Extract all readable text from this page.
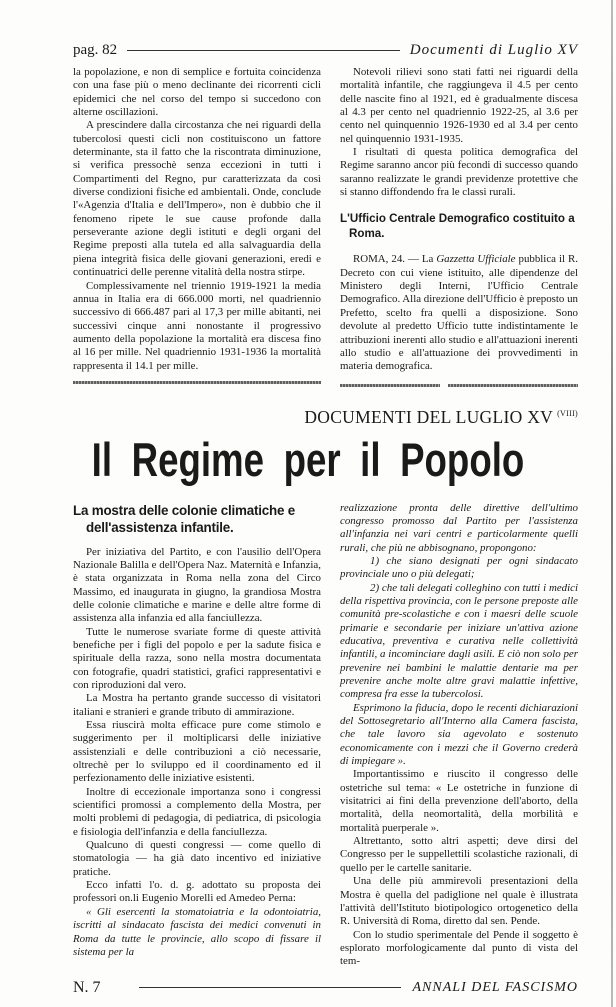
pag. 82	Documenti di Luglio XV

la popolazione, e non di semplice e fortuita coincidenza con una fase più o meno declinante dei ricorrenti cicli epidemici che nel corso del tempo si succedono con alterne oscillazioni.

A prescindere dalla circostanza che nei riguardi della tubercolosi questi cicli non costituiscono un fattore determinante, sta il fatto che la riscontrata diminuzione, si verifica pressochè senza eccezioni in tutti i Compartimenti del Regno, pur caratterizzata da così diverse condizioni fisiche ed ambientali. Onde, conclude l'«Agenzia d'Italia e dell'Impero», non è dubbio che il fenomeno ripete le sue cause profonde dalla perseverante azione degli istituti e degli organi del Regime preposti alla tutela ed alla salvaguardia della piena integrità fisica delle giovani generazioni, eredi e continuatrici delle perenne vitalità della nostra stirpe.

Complessivamente nel triennio 1919-1921 la media annua in Italia era di 666.000 morti, nel quadriennio successivo di 666.487 pari al 17,3 per mille abitanti, nei successivi cinque anni nonostante il progressivo aumento della popolazione la mortalità era discesa fino al 16 per mille. Nel quadriennio 1931-1936 la mortalità rappresenta il 14.1 per mille.

Notevoli rilievi sono stati fatti nei riguardi della mortalità infantile, che raggiungeva il 4.5 per cento delle nascite fino al 1921, ed è gradualmente discesa al 4.3 per cento nel quadriennio 1922-25, al 3.6 per cento nel quinquennio 1926-1930 ed al 3.4 per cento nel quinquennio 1931-1935.

I risultati di questa politica demografica del Regime saranno ancor più fecondi di successo quando saranno realizzate le grandi previdenze protettive che si stanno diffondendo fra le classi rurali.

L'Ufficio Centrale Demografico costituito a Roma.

ROMA, 24. — La Gazzetta Ufficiale pubblica il R. Decreto con cui viene istituito, alle dipendenze del Ministero degli Interni, l'Ufficio Centrale Demografico. Alla direzione dell'Ufficio è preposto un Prefetto, scelto fra quelli a disposizione. Sono devolute al predetto Ufficio tutte indistintamente le attribuzioni inerenti allo studio e all'attuazioni inerenti allo studio e all'attuazione dei provvedimenti in materia demografica.

DOCUMENTI DEL LUGLIO XV $^{(VIII)}$
Il Regime per il Popolo
La mostra delle colonie climatiche e dell'assistenza infantile.

Per iniziativa del Partito, e con l'ausilio dell'Opera Nazionale Balilla e dell'Opera Naz. Maternità e Infanzia, è stata organizzata in Roma nella zona del Circo Massimo, ed inaugurata in giugno, la grandiosa Mostra delle colonie climatiche e marine e delle altre forme di assistenza alla infanzia ed alla fanciullezza.

Tutte le numerose svariate forme di queste attività benefiche per i figli del popolo e per la sadute fisica e spirituale della razza, sono nella mostra documentata con fotografie, quadri statistici, grafici rappresentativi e con riproduzioni dal vero.

La Mostra ha pertanto grande successo di visitatori italiani e stranieri e grande tributo di ammirazione.

Essa riuscirà molta efficace pure come stimolo e suggerimento per il moltiplicarsi delle iniziative assistenziali e delle contribuzioni a ciò necessarie, oltrechè per lo sviluppo ed il coordinamento ed il perfezionamento delle iniziative esistenti.

Inoltre di eccezionale importanza sono i congressi scientifici promossi a complemento della Mostra, per molti problemi di pedagogia, di pediatrica, di psicologia e fisiologia dell'infanzia e della fanciullezza.

Qualcuno di questi congressi — come quello di stomatologia — ha già dato incentivo ed iniziative pratiche.

Ecco infatti l'o. d. g. adottato su proposta dei professori on.li Eugenio Morelli ed Amedeo Perna:

« Gli esercenti la stomatoiatria e la odontoiatria, iscritti al sindacato fascista dei medici convenuti in Roma da tutte le provincie, allo scopo di fissare il sistema per la

realizzazione pronta delle direttive dell'ultimo congresso promosso dal Partito per l'assistenza all'infanzia nei vari centri e particolarmente quelli rurali, che più ne abbisognano, propongono:

1) che siano designati per ogni sindacato provinciale uno o più delegati;

2) che tali delegati colleghino con tutti i medici della rispettiva provincia, con le persone preposte alle comunità pre-scolastiche e con i maesri delle scuole primarie e secondarie per iniziare un'attiva azione educativa, preventiva e curativa nelle collettività infantili, a incominciare dagli asili. E ciò non solo per prevenire nei bambini le malattie dentarie ma per prevenire anche molte altre gravi malattie infettive, compresa fra esse la tubercolosi.

Esprimono la fiducia, dopo le recenti dichiarazioni del Sottosegretario all'Interno alla Camera fascista, che tale lavoro sia agevolato e sostenuto economicamente con i mezzi che il Governo crederà di impiegare ».

Importantissimo e riuscito il congresso delle ostetriche sul tema: « Le ostetriche in funzione di visitatrici ai fini della prevenzione dell'aborto, della mortalità, della neomortalità, della morbilità e mortalità puerperale ».

Altrettanto, sotto altri aspetti; deve dirsi del Congresso per le suppellettili scolastiche razionali, di quello per le cartelle sanitarie.

Una delle più ammirevoli presentazioni della Mostra è quella del padiglione nel quale è illustrata l'attività dell'Istituto biotipologico ortogenetico della R. Università di Roma, diretto dal sen. Pende.

Con lo studio sperimentale del Pende il soggetto è esplorato morfologicamente dal punto di vista del tem-

N. 7	ANNALI DEL FASCISMO
